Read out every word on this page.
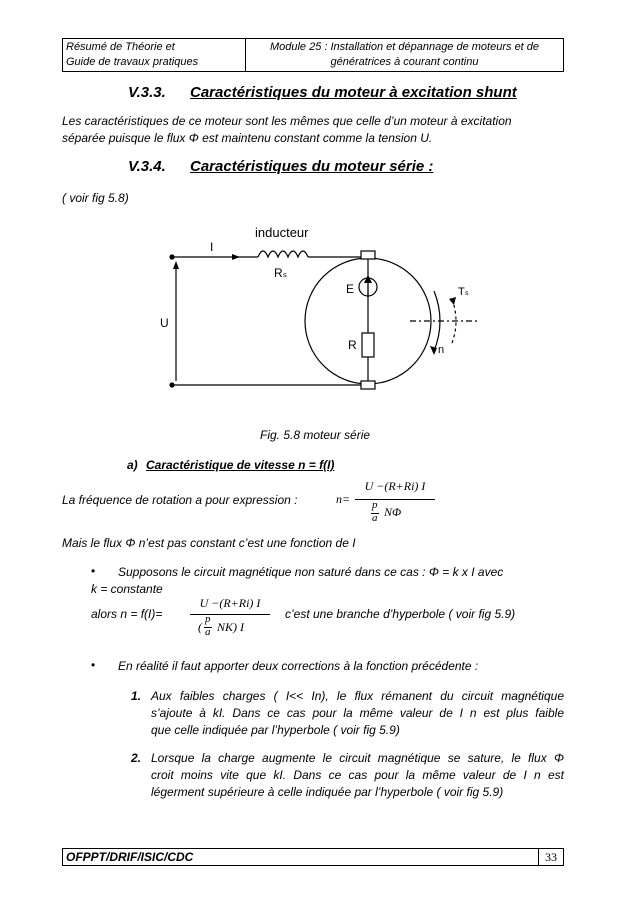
Résumé de Théorie et
Guide de travaux pratiques
Module 25 : Installation et dépannage de moteurs et de
génératrices à courant continu
V.3.3. Caractéristiques du moteur à excitation shunt
Les caractéristiques de ce moteur sont les mêmes que celle d’un moteur à excitation
séparée puisque le flux Φ est maintenu constant comme la tension U.
V.3.4. Caractéristiques du moteur série :
( voir fig 5.8)
inducteur
I
Rₛ
U
E
R	n
Tₛ
Fig. 5.8 moteur série
a) Caractéristique de vitesse n = f(I)
La fréquence de rotation a pour expression :	n=
U −(R+Ri) I
p
a NΦ
Mais le flux Φ n’est pas constant c’est une fonction de I
• Supposons le circuit magnétique non saturé dans ce cas : Φ = k x I avec
k = constante
alors n = f(I)=
U −(R+Ri) I
(
p
a NK) I
c’est une branche d’hyperbole ( voir fig 5.9)
• En réalité il faut apporter deux corrections à la fonction précédente :
1. Aux faibles charges ( I<< In), le flux rémanent du circuit magnétique
s’ajoute à kI. Dans ce cas pour la même valeur de I n est plus faible
que celle indiquée par l’hyperbole ( voir fig 5.9)
2. Lorsque la charge augmente le circuit magnétique se sature, le flux Φ
croit moins vite que kI. Dans ce cas pour la même valeur de I n est
légerment supérieure à celle indiquée par l’hyperbole ( voir fig 5.9)
OFPPT/DRIF/ISIC/CDC	33
